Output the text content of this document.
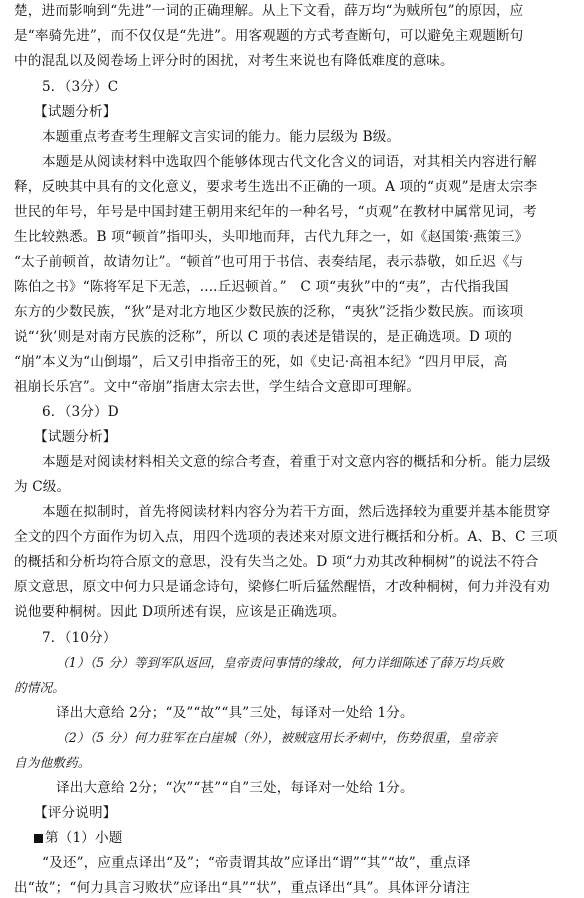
楚，进而影响到“先进”一词的正确理解。从上下文看，薛万均“为贼所包”的原因，应
是“率骑先进”，而不仅仅是“先进”。用客观题的方式考查断句，可以避免主观题断句
中的混乱以及阅卷场上评分时的困扰，对考生来说也有降低难度的意味。
5．（3分）C
【试题分析】
本题重点考查考生理解文言实词的能力。能力层级为 B级。
本题是从阅读材料中选取四个能够体现古代文化含义的词语，对其相关内容进行解
释，反映其中具有的文化意义，要求考生选出不正确的一项。A 项的“贞观”是唐太宗李
世民的年号，年号是中国封建王朝用来纪年的一种名号，“贞观”在教材中属常见词，考
生比较熟悉。B 项“顿首”指叩头，头叩地而拜，古代九拜之一，如《赵国策·燕策三》
“太子前顿首，故请勿让”。“顿首”也可用于书信、表奏结尾，表示恭敬，如丘迟《与
陈伯之书》“陈将军足下无恙，....丘迟顿首。”　C 项“夷狄”中的“夷”，古代指我国
东方的少数民族，“狄”是对北方地区少数民族的泛称，“夷狄”泛指少数民族。而该项
说“‘狄’则是对南方民族的泛称”，所以 C 项的表述是错误的，是正确选项。D 项的
“崩”本义为“山倒塌”，后又引申指帝王的死，如《史记·高祖本纪》“四月甲辰，高
祖崩长乐宫”。文中“帝崩”指唐太宗去世，学生结合文意即可理解。
6．（3分）D
【试题分析】
本题是对阅读材料相关文意的综合考查，着重于对文意内容的概括和分析。能力层级
为 C级。
本题在拟制时，首先将阅读材料内容分为若干方面，然后选择较为重要并基本能贯穿
全文的四个方面作为切入点，用四个选项的表述来对原文进行概括和分析。A、B、C 三项
的概括和分析均符合原文的意思，没有失当之处。D 项“力劝其改种桐树”的说法不符合
原文意思，原文中何力只是诵念诗句，梁修仁听后猛然醒悟，才改种桐树，何力并没有劝
说他要种桐树。因此 D项所述有误，应该是正确选项。
7．（10分）
（1）（5 分）等到军队返回，皇帝责问事情的缘故，何力详细陈述了薛万均兵败
的情况。
译出大意给 2分；“及”“故”“具”三处，每译对一处给 1分。
（2）（5 分）何力驻军在白崖城（外），被贼寇用长矛刺中，伤势很重，皇帝亲
自为他敷药。
译出大意给 2分；“次”“甚”“自”三处，每译对一处给 1分。
【评分说明】
第（1）小题
“及还”，应重点译出“及”；“帝责谓其故”应译出“谓”“其”“故”，重点译
出“故”；“何力具言习败状”应译出“具”“状”，重点译出“具”。具体评分请注
